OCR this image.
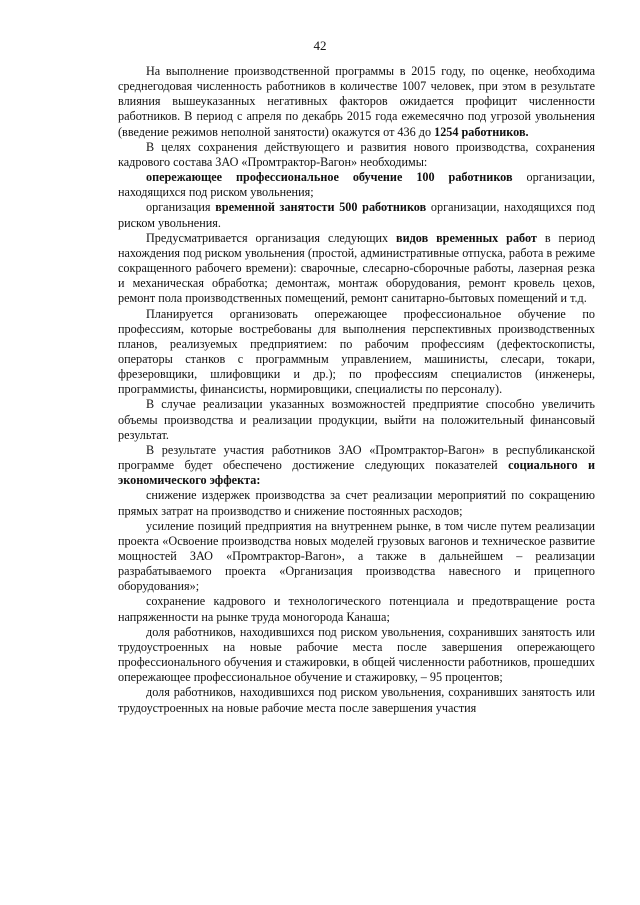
42

На выполнение производственной программы в 2015 году, по оценке, необходима среднегодовая численность работников в количестве 1007 человек, при этом в результате влияния вышеуказанных негативных факторов ожидается профицит численности работников. В период с апреля по декабрь 2015 года ежемесячно под угрозой увольнения (введение режимов неполной занятости) окажутся от 436 до 1254 работников.

В целях сохранения действующего и развития нового производства, сохранения кадрового состава ЗАО «Промтрактор-Вагон» необходимы:

опережающее профессиональное обучение 100 работников организации, находящихся под риском увольнения;

организация временной занятости 500 работников организации, находящихся под риском увольнения.

Предусматривается организация следующих видов временных работ в период нахождения под риском увольнения (простой, административные отпуска, работа в режиме сокращенного рабочего времени): сварочные, слесарно-сборочные работы, лазерная резка и механическая обработка; демонтаж, монтаж оборудования, ремонт кровель цехов, ремонт пола производственных помещений, ремонт санитарно-бытовых помещений и т.д.

Планируется организовать опережающее профессиональное обучение по профессиям, которые востребованы для выполнения перспективных производственных планов, реализуемых предприятием: по рабочим профессиям (дефектоскописты, операторы станков с программным управлением, машинисты, слесари, токари, фрезеровщики, шлифовщики и др.); по профессиям специалистов (инженеры, программисты, финансисты, нормировщики, специалисты по персоналу).

В случае реализации указанных возможностей предприятие способно увеличить объемы производства и реализации продукции, выйти на положительный финансовый результат.

В результате участия работников ЗАО «Промтрактор-Вагон» в республиканской программе будет обеспечено достижение следующих показателей социального и экономического эффекта:

снижение издержек производства за счет реализации мероприятий по сокращению прямых затрат на производство и снижение постоянных расходов;

усиление позиций предприятия на внутреннем рынке, в том числе путем реализации проекта «Освоение производства новых моделей грузовых вагонов и техническое развитие мощностей ЗАО «Промтрактор-Вагон», а также в дальнейшем – реализации разрабатываемого проекта «Организация производства навесного и прицепного оборудования»;

сохранение кадрового и технологического потенциала и предотвращение роста напряженности на рынке труда моногорода Канаша;

доля работников, находившихся под риском увольнения, сохранивших занятость или трудоустроенных на новые рабочие места после завершения опережающего профессионального обучения и стажировки, в общей численности работников, прошедших опережающее профессиональное обучение и стажировку, – 95 процентов;

доля работников, находившихся под риском увольнения, сохранивших занятость или трудоустроенных на новые рабочие места после завершения участия
